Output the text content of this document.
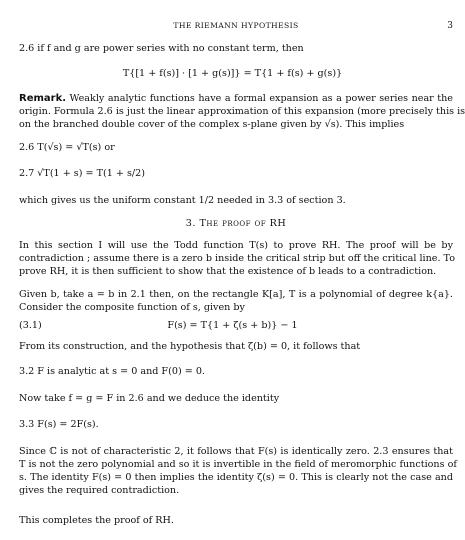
THE RIEMANN HYPOTHESIS	3
2.6 if f and g are power series with no constant term, then
T{[1 + f(s)] · [1 + g(s)]} = T{1 + f(s) + g(s)}
Remark. Weakly analytic functions have a formal expansion as a power series near the
origin. Formula 2.6 is just the linear approximation of this expansion (more precisely this is
on the branched double cover of the complex s-plane given by √s). This implies
2.6 T(√s) = √T(s) or
2.7 √T(1 + s) = T(1 + s/2)
which gives us the uniform constant 1/2 needed in 3.3 of section 3.
3. The proof of RH
In this section I will use the Todd function T(s) to prove RH. The proof will be by
contradiction ; assume there is a zero b inside the critical strip but off the critical line. To
prove RH, it is then sufficient to show that the existence of b leads to a contradiction.
Given b, take a = b in 2.1 then, on the rectangle K[a], T is a polynomial of degree k{a}.
Consider the composite function of s, given by
(3.1)	F(s) = T{1 + ζ(s + b)} − 1
From its construction, and the hypothesis that ζ(b) = 0, it follows that
3.2 F is analytic at s = 0 and F(0) = 0.
Now take f = g = F in 2.6 and we deduce the identity
3.3 F(s) = 2F(s).
Since ℂ is not of characteristic 2, it follows that F(s) is identically zero. 2.3 ensures that
T is not the zero polynomial and so it is invertible in the field of meromorphic functions of
s. The identity F(s) = 0 then implies the identity ζ(s) = 0. This is clearly not the case and
gives the required contradiction.
This completes the proof of RH.
